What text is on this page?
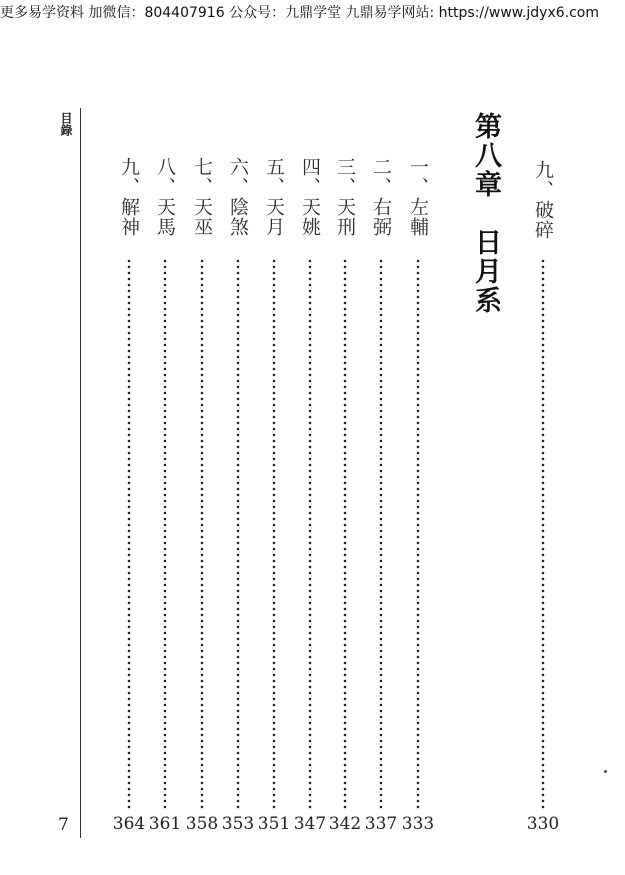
更多易学资料 加微信：804407916 公众号：九鼎学堂 九鼎易学网站: https://www.jdyx6.com
目錄
7
第八章　日月系 九、破碎
330
一、左輔
333
二、右弼
337
三、天刑
342
四、天姚
347
五、天月
351
六、陰煞
353
七、天巫
358
八、天馬
361
九、解神
364
